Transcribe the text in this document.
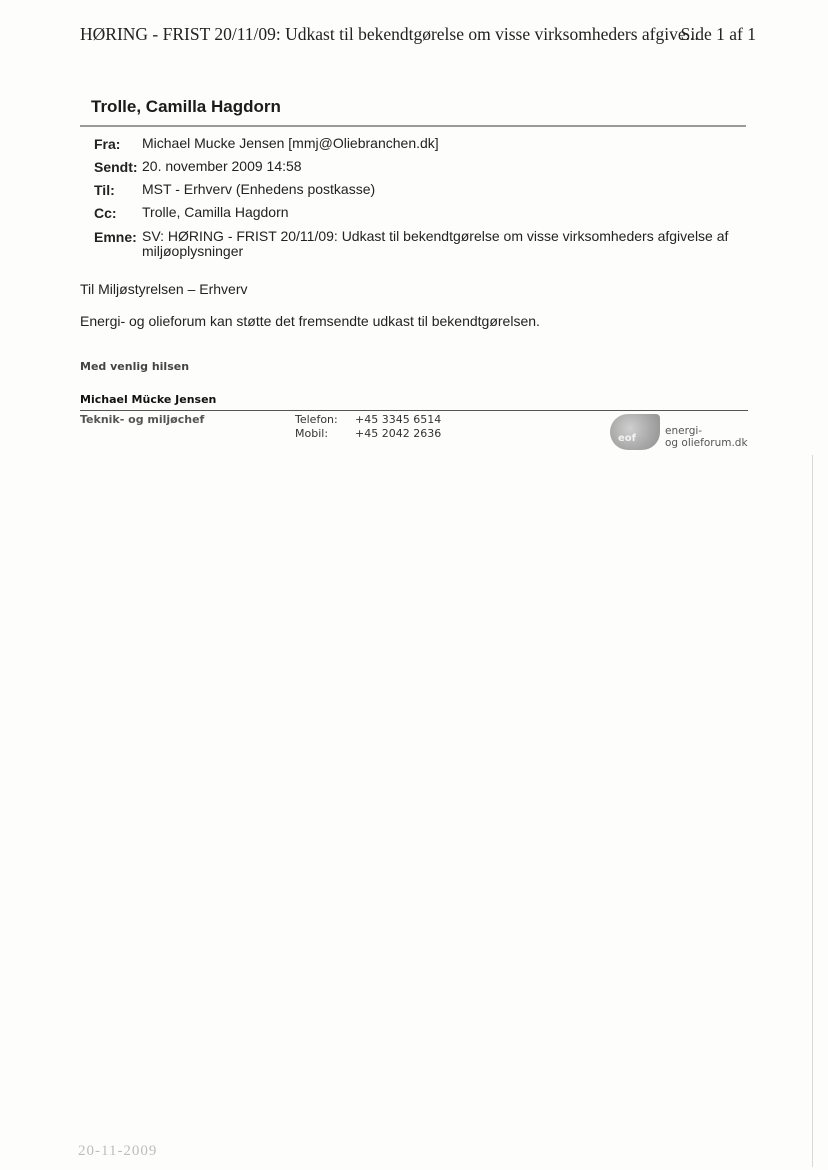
HØRING - FRIST 20/11/09: Udkast til bekendtgørelse om visse virksomheders afgive...
Side 1 af 1
Trolle, Camilla Hagdorn
Fra: Michael Mucke Jensen [mmj@Oliebranchen.dk]
Sendt: 20. november 2009 14:58
Til: MST - Erhverv (Enhedens postkasse)
Cc: Trolle, Camilla Hagdorn
Emne: SV: HØRING - FRIST 20/11/09: Udkast til bekendtgørelse om visse virksomheders afgivelse af miljøoplysninger
Til Miljøstyrelsen – Erhverv
Energi- og olieforum kan støtte det fremsendte udkast til bekendtgørelsen.
Med venlig hilsen
Michael Mücke Jensen
Teknik- og miljøchef	Telefon: +45 3345 6514
Mobil: +45 2042 2636	eof
energi-
og olieforum.dk
20-11-2009
